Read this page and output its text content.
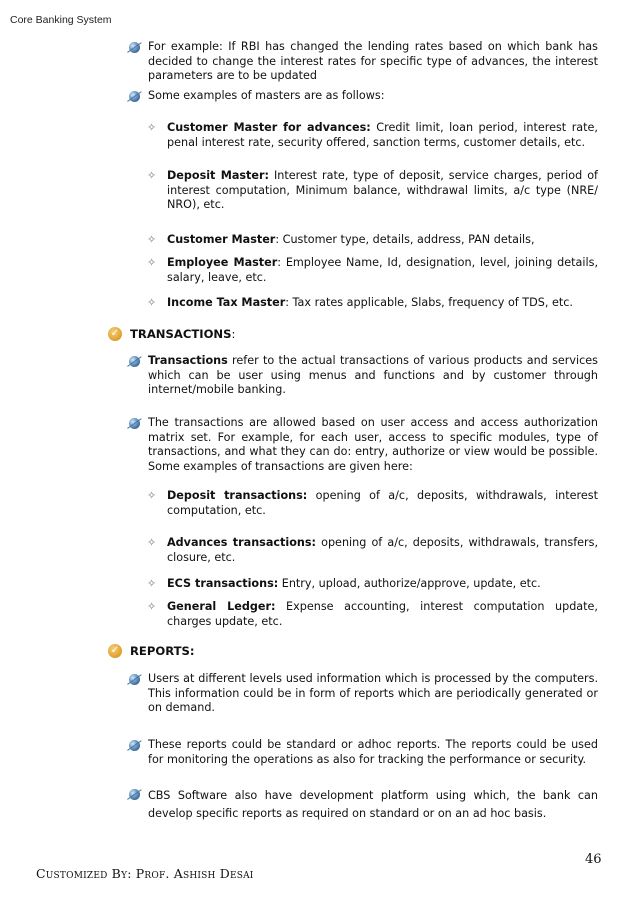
Core Banking System
For example: If RBI has changed the lending rates based on which bank has decided to change the interest rates for specific type of advances, the interest parameters are to be updated
Some examples of masters are as follows:
✧ Customer Master for advances: Credit limit, loan period, interest rate, penal interest rate, security offered, sanction terms, customer details, etc.
✧ Deposit Master: Interest rate, type of deposit, service charges, period of interest computation, Minimum balance, withdrawal limits, a/c type (NRE/ NRO), etc.
✧ Customer Master: Customer type, details, address, PAN details,
✧ Employee Master: Employee Name, Id, designation, level, joining details, salary, leave, etc.
✧ Income Tax Master: Tax rates applicable, Slabs, frequency of TDS, etc.
✓ TRANSACTIONS:
Transactions refer to the actual transactions of various products and services which can be user using menus and functions and by customer through internet/mobile banking.
The transactions are allowed based on user access and access authorization matrix set. For example, for each user, access to specific modules, type of transactions, and what they can do: entry, authorize or view would be possible. Some examples of transactions are given here:
✧ Deposit transactions: opening of a/c, deposits, withdrawals, interest computation, etc.
✧ Advances transactions: opening of a/c, deposits, withdrawals, transfers, closure, etc.
✧ ECS transactions: Entry, upload, authorize/approve, update, etc.
✧ General Ledger: Expense accounting, interest computation update, charges update, etc.
✓ REPORTS:
Users at different levels used information which is processed by the computers. This information could be in form of reports which are periodically generated or on demand.
These reports could be standard or adhoc reports. The reports could be used for monitoring the operations as also for tracking the performance or security.
CBS Software also have development platform using which, the bank can develop specific reports as required on standard or on an ad hoc basis.
Customized By: Prof. Ashish Desai
46
